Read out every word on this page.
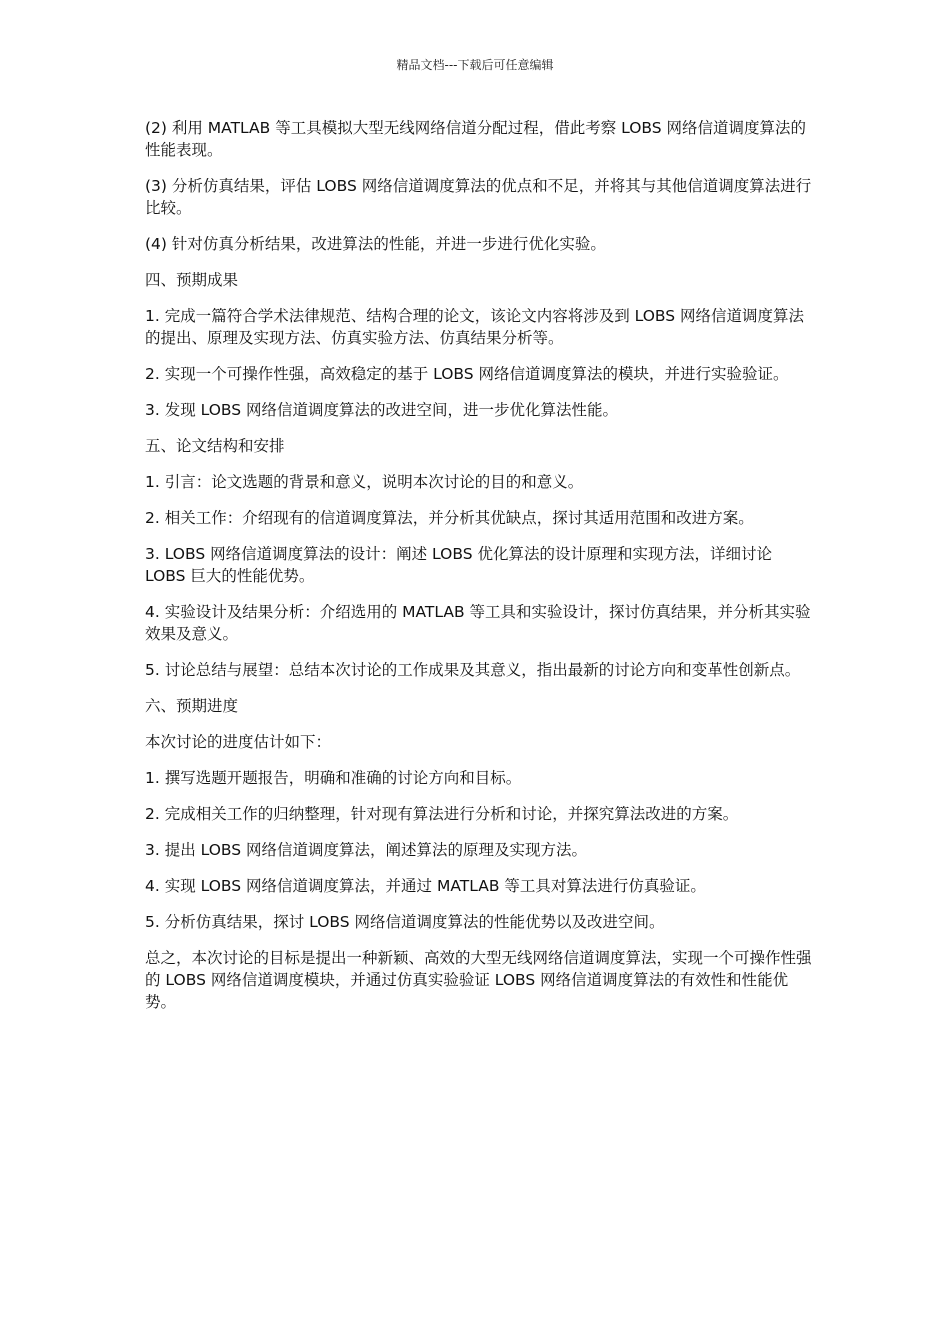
精品文档---下载后可任意编辑

(2) 利用 MATLAB 等工具模拟大型无线网络信道分配过程，借此考察 LOBS 网络信道调度算法的性能表现。

(3) 分析仿真结果，评估 LOBS 网络信道调度算法的优点和不足，并将其与其他信道调度算法进行比较。

(4) 针对仿真分析结果，改进算法的性能，并进一步进行优化实验。

四、预期成果

1. 完成一篇符合学术法律规范、结构合理的论文，该论文内容将涉及到 LOBS 网络信道调度算法的提出、原理及实现方法、仿真实验方法、仿真结果分析等。

2. 实现一个可操作性强，高效稳定的基于 LOBS 网络信道调度算法的模块，并进行实验验证。

3. 发现 LOBS 网络信道调度算法的改进空间，进一步优化算法性能。

五、论文结构和安排

1. 引言：论文选题的背景和意义，说明本次讨论的目的和意义。

2. 相关工作：介绍现有的信道调度算法，并分析其优缺点，探讨其适用范围和改进方案。

3. LOBS 网络信道调度算法的设计：阐述 LOBS 优化算法的设计原理和实现方法，详细讨论 LOBS 巨大的性能优势。

4. 实验设计及结果分析：介绍选用的 MATLAB 等工具和实验设计，探讨仿真结果，并分析其实验效果及意义。

5. 讨论总结与展望：总结本次讨论的工作成果及其意义，指出最新的讨论方向和变革性创新点。

六、预期进度

本次讨论的进度估计如下：

1. 撰写选题开题报告，明确和准确的讨论方向和目标。

2. 完成相关工作的归纳整理，针对现有算法进行分析和讨论，并探究算法改进的方案。

3. 提出 LOBS 网络信道调度算法，阐述算法的原理及实现方法。

4. 实现 LOBS 网络信道调度算法，并通过 MATLAB 等工具对算法进行仿真验证。

5. 分析仿真结果，探讨 LOBS 网络信道调度算法的性能优势以及改进空间。

总之，本次讨论的目标是提出一种新颖、高效的大型无线网络信道调度算法，实现一个可操作性强的 LOBS 网络信道调度模块，并通过仿真实验验证 LOBS 网络信道调度算法的有效性和性能优势。
